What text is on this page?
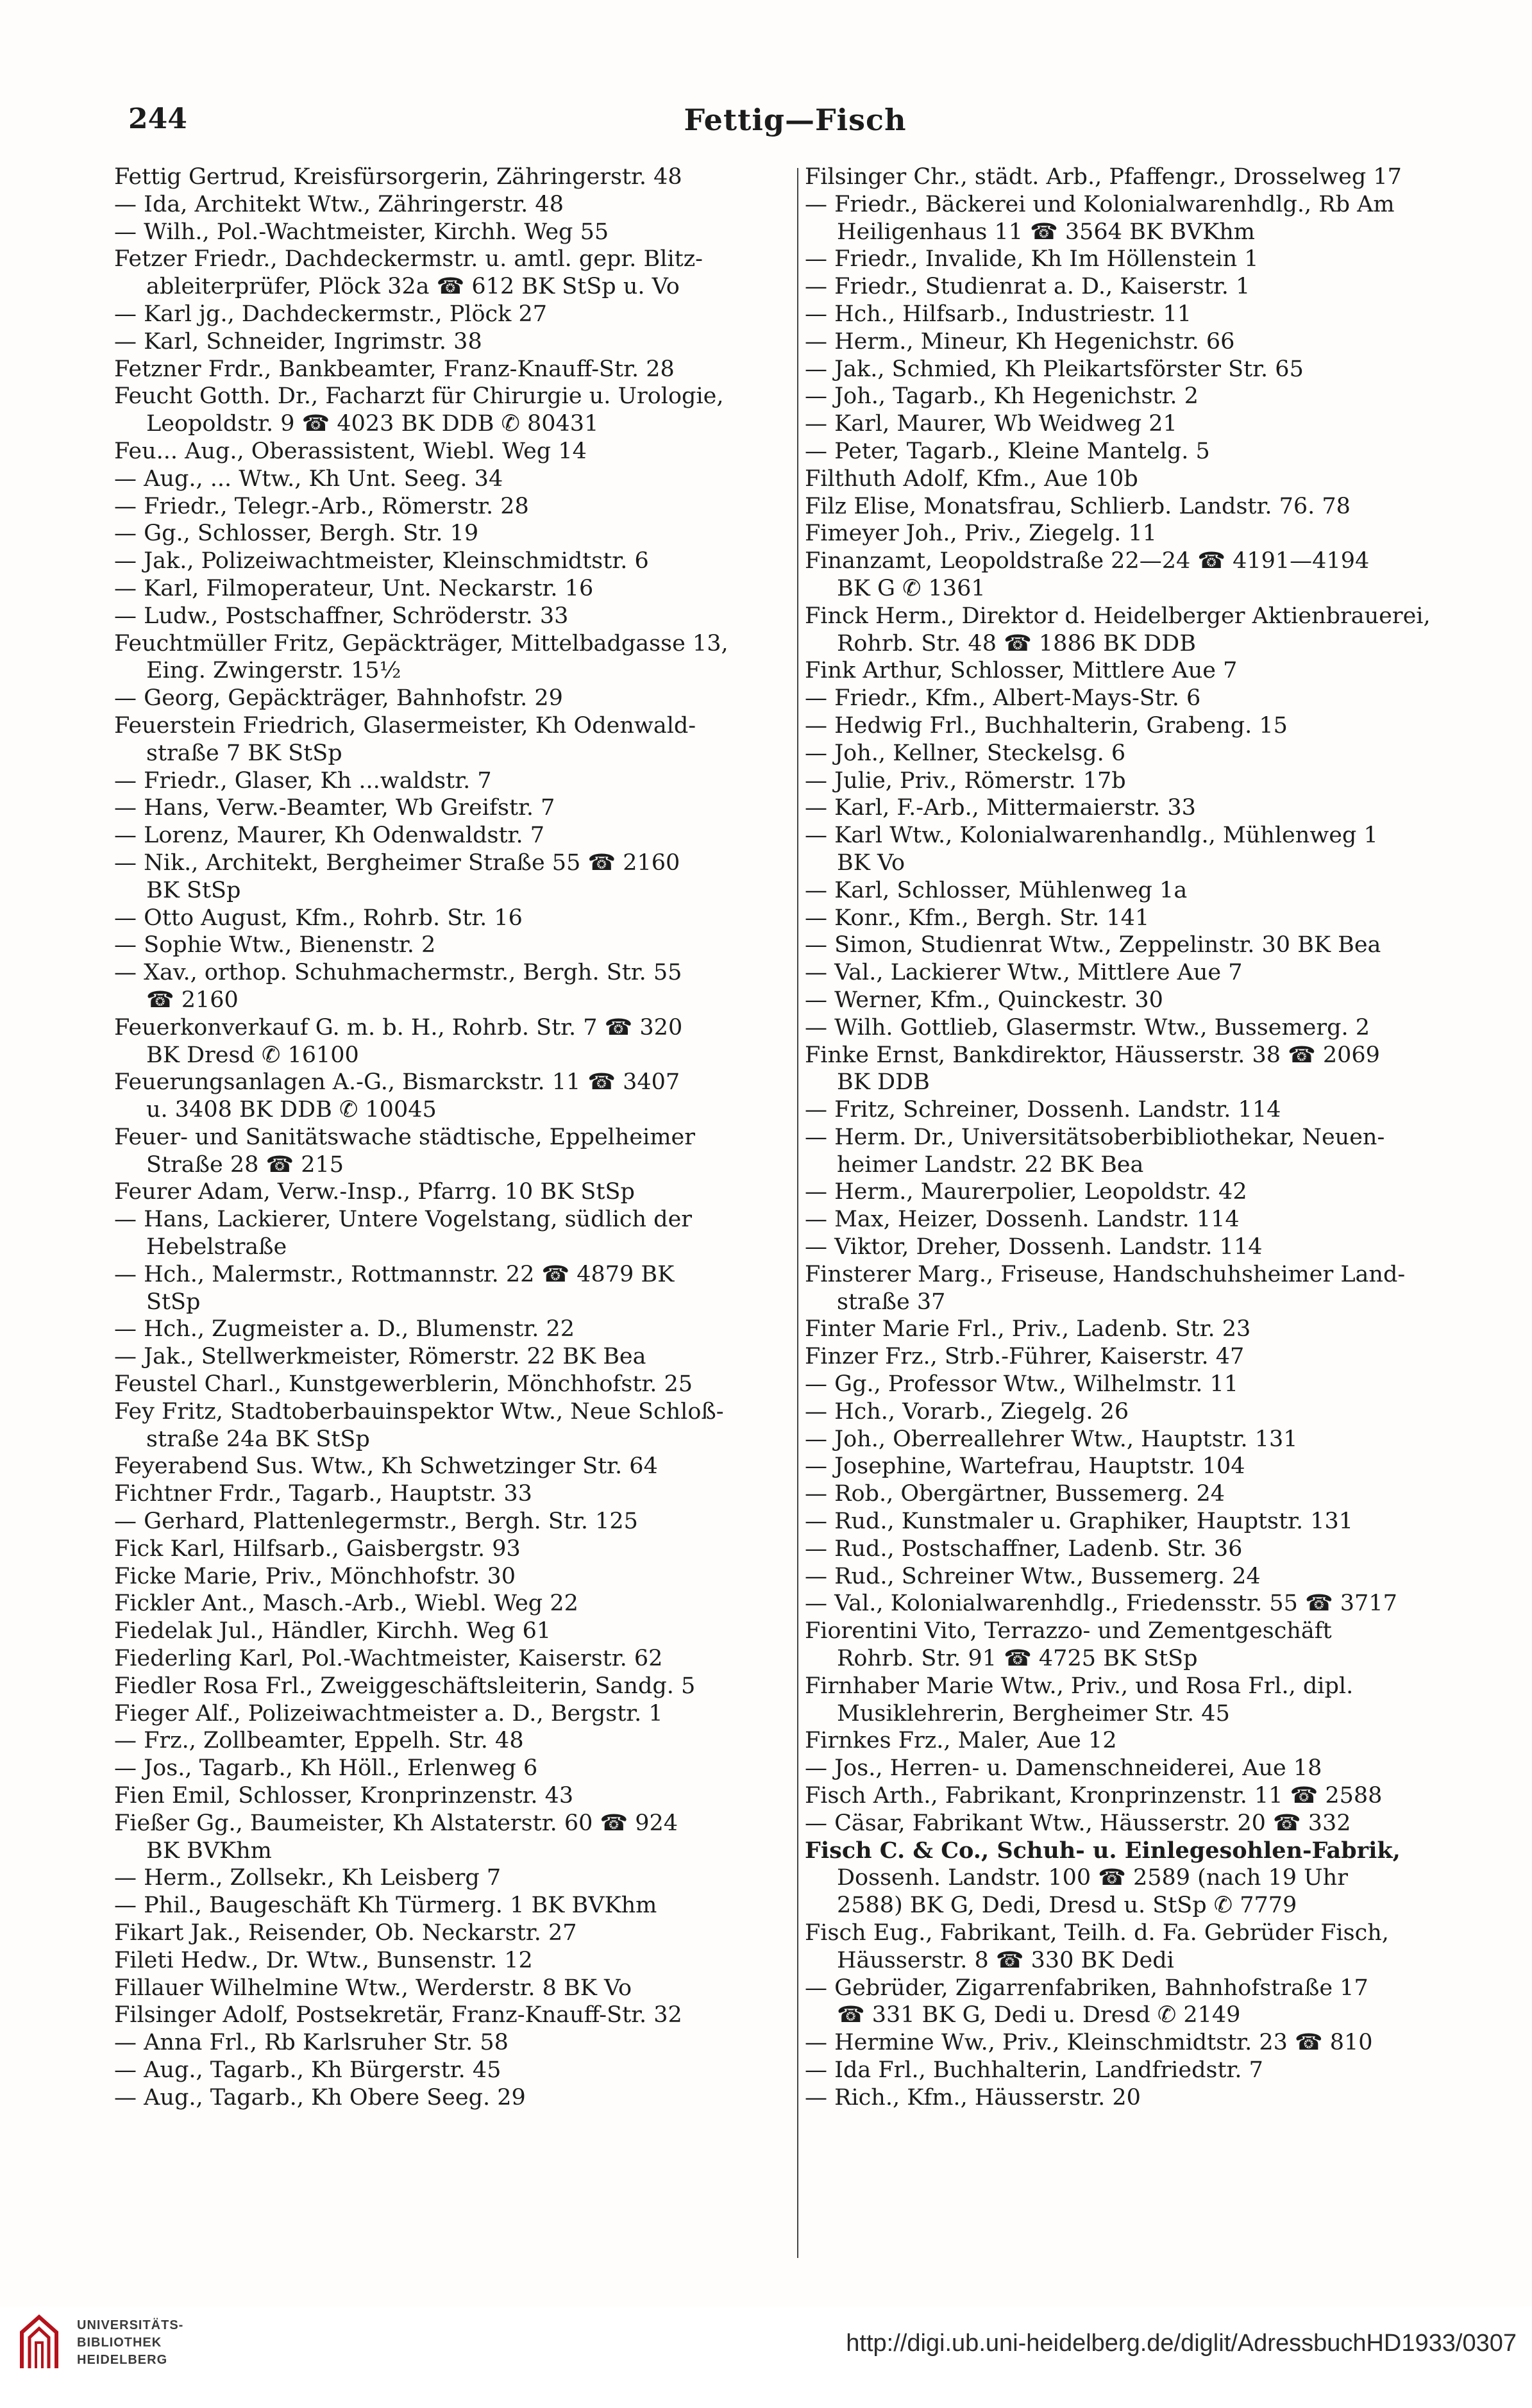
244	Fettig—Fisch
Fettig Gertrud, Kreisfürsorgerin, Zähringerstr. 48
— Ida, Architekt Wtw., Zähringerstr. 48
— Wilh., Pol.-Wachtmeister, Kirchh. Weg 55
Fetzer Friedr., Dachdeckermstr. u. amtl. gepr. Blitz-
ableiterprüfer, Plöck 32a ☎ 612 BK StSp u. Vo
— Karl jg., Dachdeckermstr., Plöck 27
— Karl, Schneider, Ingrimstr. 38
Fetzner Frdr., Bankbeamter, Franz-Knauff-Str. 28
Feucht Gotth. Dr., Facharzt für Chirurgie u. Urologie,
Leopoldstr. 9 ☎ 4023 BK DDB ✆ 80431
Feu... Aug., Oberassistent, Wiebl. Weg 14
— Aug., ... Wtw., Kh Unt. Seeg. 34
— Friedr., Telegr.-Arb., Römerstr. 28
— Gg., Schlosser, Bergh. Str. 19
— Jak., Polizeiwachtmeister, Kleinschmidtstr. 6
— Karl, Filmoperateur, Unt. Neckarstr. 16
— Ludw., Postschaffner, Schröderstr. 33
Feuchtmüller Fritz, Gepäckträger, Mittelbadgasse 13,
Eing. Zwingerstr. 15½
— Georg, Gepäckträger, Bahnhofstr. 29
Feuerstein Friedrich, Glasermeister, Kh Odenwald-
straße 7 BK StSp
— Friedr., Glaser, Kh ...waldstr. 7
— Hans, Verw.-Beamter, Wb Greifstr. 7
— Lorenz, Maurer, Kh Odenwaldstr. 7
— Nik., Architekt, Bergheimer Straße 55 ☎ 2160
BK StSp
— Otto August, Kfm., Rohrb. Str. 16
— Sophie Wtw., Bienenstr. 2
— Xav., orthop. Schuhmachermstr., Bergh. Str. 55
☎ 2160
Feuerkonverkauf G. m. b. H., Rohrb. Str. 7 ☎ 320
BK Dresd ✆ 16100
Feuerungsanlagen A.-G., Bismarckstr. 11 ☎ 3407
u. 3408 BK DDB ✆ 10045
Feuer- und Sanitätswache städtische, Eppelheimer
Straße 28 ☎ 215
Feurer Adam, Verw.-Insp., Pfarrg. 10 BK StSp
— Hans, Lackierer, Untere Vogelstang, südlich der
Hebelstraße
— Hch., Malermstr., Rottmannstr. 22 ☎ 4879 BK
StSp
— Hch., Zugmeister a. D., Blumenstr. 22
— Jak., Stellwerkmeister, Römerstr. 22 BK Bea
Feustel Charl., Kunstgewerblerin, Mönchhofstr. 25
Fey Fritz, Stadtoberbauinspektor Wtw., Neue Schloß-
straße 24a BK StSp
Feyerabend Sus. Wtw., Kh Schwetzinger Str. 64
Fichtner Frdr., Tagarb., Hauptstr. 33
— Gerhard, Plattenlegermstr., Bergh. Str. 125
Fick Karl, Hilfsarb., Gaisbergstr. 93
Ficke Marie, Priv., Mönchhofstr. 30
Fickler Ant., Masch.-Arb., Wiebl. Weg 22
Fiedelak Jul., Händler, Kirchh. Weg 61
Fiederling Karl, Pol.-Wachtmeister, Kaiserstr. 62
Fiedler Rosa Frl., Zweiggeschäftsleiterin, Sandg. 5
Fieger Alf., Polizeiwachtmeister a. D., Bergstr. 1
— Frz., Zollbeamter, Eppelh. Str. 48
— Jos., Tagarb., Kh Höll., Erlenweg 6
Fien Emil, Schlosser, Kronprinzenstr. 43
Fießer Gg., Baumeister, Kh Alstaterstr. 60 ☎ 924
BK BVKhm
— Herm., Zollsekr., Kh Leisberg 7
— Phil., Baugeschäft Kh Türmerg. 1 BK BVKhm
Fikart Jak., Reisender, Ob. Neckarstr. 27
Fileti Hedw., Dr. Wtw., Bunsenstr. 12
Fillauer Wilhelmine Wtw., Werderstr. 8 BK Vo
Filsinger Adolf, Postsekretär, Franz-Knauff-Str. 32
— Anna Frl., Rb Karlsruher Str. 58
— Aug., Tagarb., Kh Bürgerstr. 45
— Aug., Tagarb., Kh Obere Seeg. 29
Filsinger Chr., städt. Arb., Pfaffengr., Drosselweg 17
— Friedr., Bäckerei und Kolonialwarenhdlg., Rb Am
Heiligenhaus 11 ☎ 3564 BK BVKhm
— Friedr., Invalide, Kh Im Höllenstein 1
— Friedr., Studienrat a. D., Kaiserstr. 1
— Hch., Hilfsarb., Industriestr. 11
— Herm., Mineur, Kh Hegenichstr. 66
— Jak., Schmied, Kh Pleikartsförster Str. 65
— Joh., Tagarb., Kh Hegenichstr. 2
— Karl, Maurer, Wb Weidweg 21
— Peter, Tagarb., Kleine Mantelg. 5
Filthuth Adolf, Kfm., Aue 10b
Filz Elise, Monatsfrau, Schlierb. Landstr. 76. 78
Fimeyer Joh., Priv., Ziegelg. 11
Finanzamt, Leopoldstraße 22—24 ☎ 4191—4194
BK G ✆ 1361
Finck Herm., Direktor d. Heidelberger Aktienbrauerei,
Rohrb. Str. 48 ☎ 1886 BK DDB
Fink Arthur, Schlosser, Mittlere Aue 7
— Friedr., Kfm., Albert-Mays-Str. 6
— Hedwig Frl., Buchhalterin, Grabeng. 15
— Joh., Kellner, Steckelsg. 6
— Julie, Priv., Römerstr. 17b
— Karl, F.-Arb., Mittermaierstr. 33
— Karl Wtw., Kolonialwarenhandlg., Mühlenweg 1
BK Vo
— Karl, Schlosser, Mühlenweg 1a
— Konr., Kfm., Bergh. Str. 141
— Simon, Studienrat Wtw., Zeppelinstr. 30 BK Bea
— Val., Lackierer Wtw., Mittlere Aue 7
— Werner, Kfm., Quinckestr. 30
— Wilh. Gottlieb, Glasermstr. Wtw., Bussemerg. 2
Finke Ernst, Bankdirektor, Häusserstr. 38 ☎ 2069
BK DDB
— Fritz, Schreiner, Dossenh. Landstr. 114
— Herm. Dr., Universitätsoberbibliothekar, Neuen-
heimer Landstr. 22 BK Bea
— Herm., Maurerpolier, Leopoldstr. 42
— Max, Heizer, Dossenh. Landstr. 114
— Viktor, Dreher, Dossenh. Landstr. 114
Finsterer Marg., Friseuse, Handschuhsheimer Land-
straße 37
Finter Marie Frl., Priv., Ladenb. Str. 23
Finzer Frz., Strb.-Führer, Kaiserstr. 47
— Gg., Professor Wtw., Wilhelmstr. 11
— Hch., Vorarb., Ziegelg. 26
— Joh., Oberreallehrer Wtw., Hauptstr. 131
— Josephine, Wartefrau, Hauptstr. 104
— Rob., Obergärtner, Bussemerg. 24
— Rud., Kunstmaler u. Graphiker, Hauptstr. 131
— Rud., Postschaffner, Ladenb. Str. 36
— Rud., Schreiner Wtw., Bussemerg. 24
— Val., Kolonialwarenhdlg., Friedensstr. 55 ☎ 3717
Fiorentini Vito, Terrazzo- und Zementgeschäft
Rohrb. Str. 91 ☎ 4725 BK StSp
Firnhaber Marie Wtw., Priv., und Rosa Frl., dipl.
Musiklehrerin, Bergheimer Str. 45
Firnkes Frz., Maler, Aue 12
— Jos., Herren- u. Damenschneiderei, Aue 18
Fisch Arth., Fabrikant, Kronprinzenstr. 11 ☎ 2588
— Cäsar, Fabrikant Wtw., Häusserstr. 20 ☎ 332
Fisch C. & Co., Schuh- u. Einlegesohlen-Fabrik,
Dossenh. Landstr. 100 ☎ 2589 (nach 19 Uhr
2588) BK G, Dedi, Dresd u. StSp ✆ 7779
Fisch Eug., Fabrikant, Teilh. d. Fa. Gebrüder Fisch,
Häusserstr. 8 ☎ 330 BK Dedi
— Gebrüder, Zigarrenfabriken, Bahnhofstraße 17
☎ 331 BK G, Dedi u. Dresd ✆ 2149
— Hermine Ww., Priv., Kleinschmidtstr. 23 ☎ 810
— Ida Frl., Buchhalterin, Landfriedstr. 7
— Rich., Kfm., Häusserstr. 20
UNIVERSITÄTS-
BIBLIOTHEK
HEIDELBERG
http://digi.ub.uni-heidelberg.de/diglit/AdressbuchHD1933/0307
